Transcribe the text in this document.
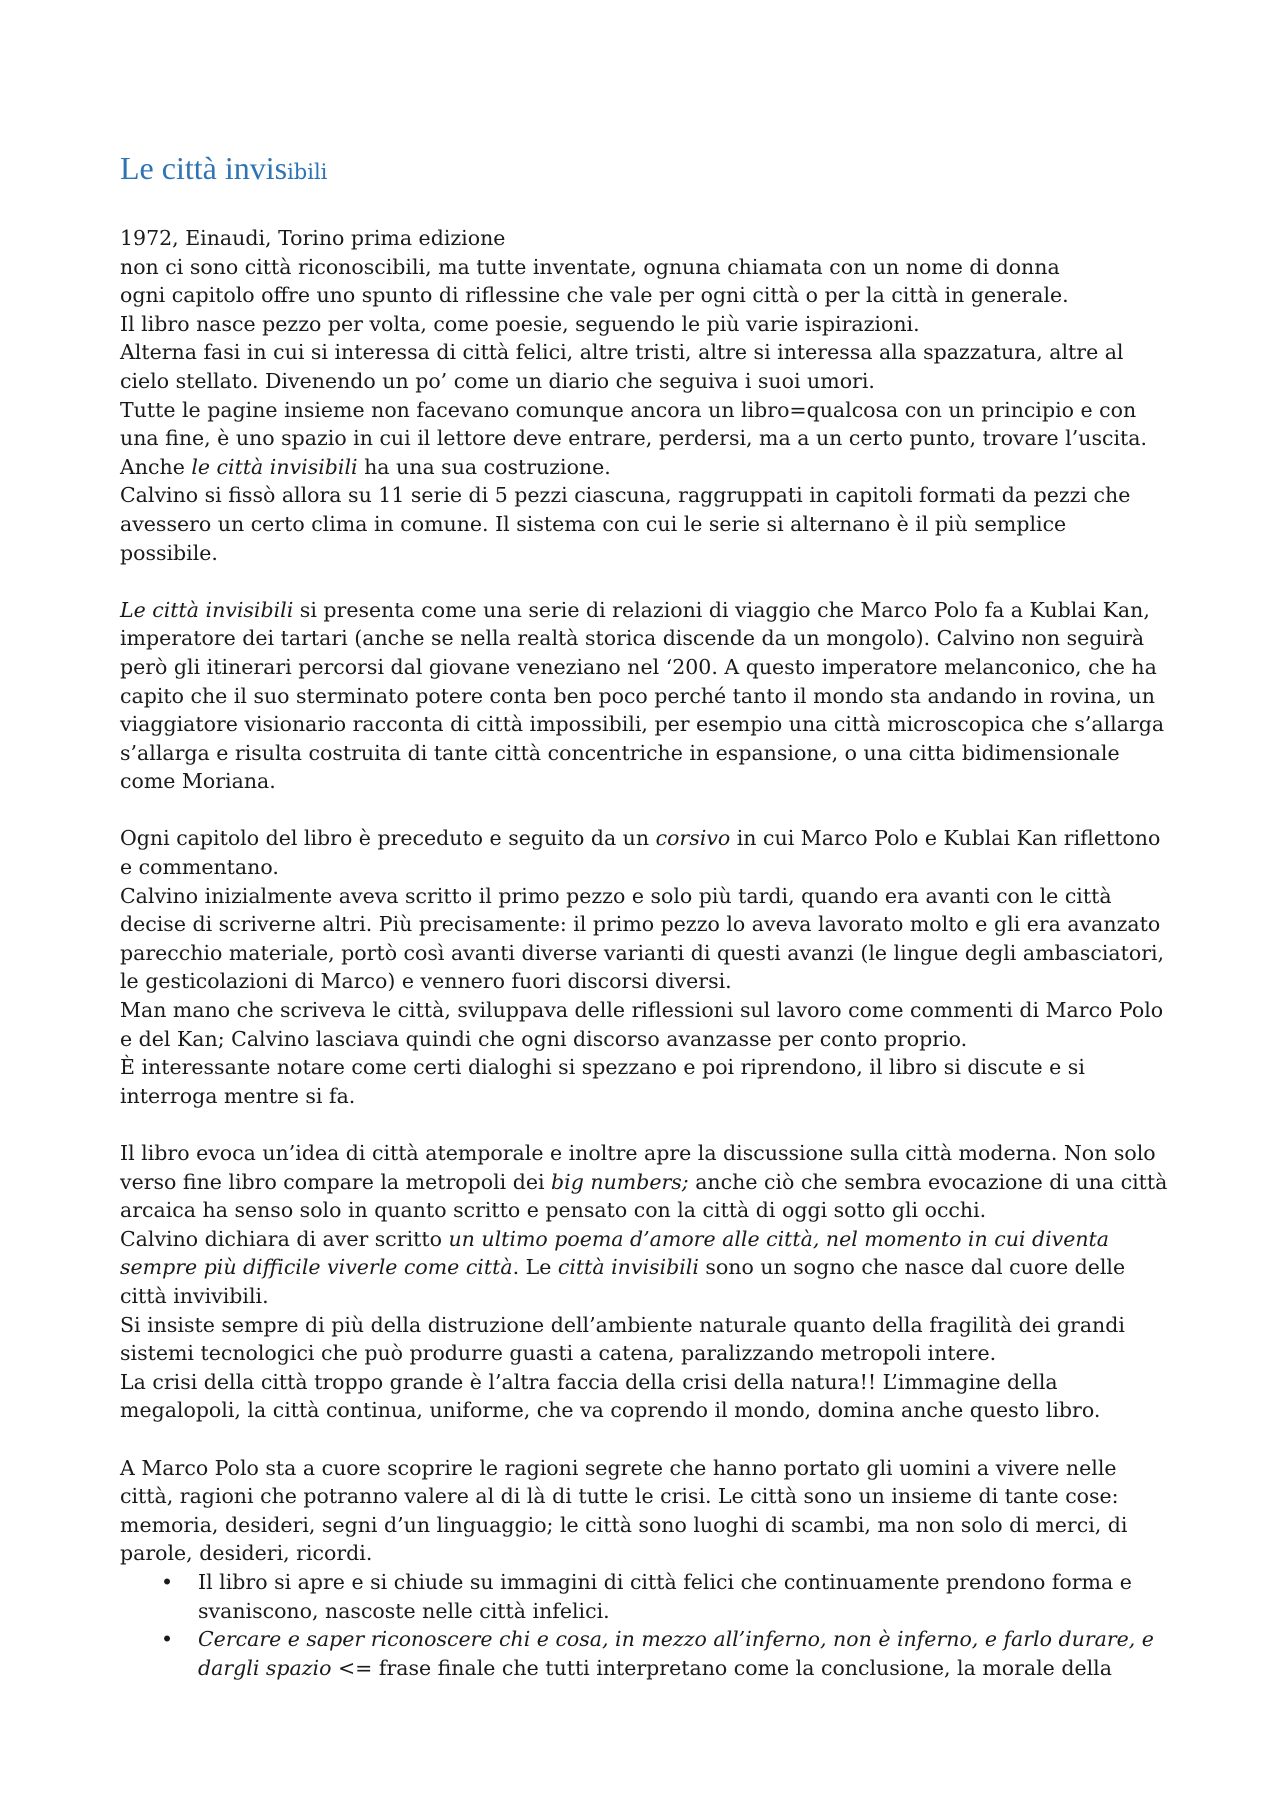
Le città invisibili

1972, Einaudi, Torino prima edizione

non ci sono città riconoscibili, ma tutte inventate, ognuna chiamata con un nome di donna

ogni capitolo offre uno spunto di riflessine che vale per ogni città o per la città in generale.

Il libro nasce pezzo per volta, come poesie, seguendo le più varie ispirazioni.

Alterna fasi in cui si interessa di città felici, altre tristi, altre si interessa alla spazzatura, altre al cielo stellato. Divenendo un po’ come un diario che seguiva i suoi umori.

Tutte le pagine insieme non facevano comunque ancora un libro=qualcosa con un principio e con una fine, è uno spazio in cui il lettore deve entrare, perdersi, ma a un certo punto, trovare l’uscita.

Anche le città invisibili ha una sua costruzione.

Calvino si fissò allora su 11 serie di 5 pezzi ciascuna, raggruppati in capitoli formati da pezzi che avessero un certo clima in comune. Il sistema con cui le serie si alternano è il più semplice possibile.

Le città invisibili si presenta come una serie di relazioni di viaggio che Marco Polo fa a Kublai Kan, imperatore dei tartari (anche se nella realtà storica discende da un mongolo). Calvino non seguirà però gli itinerari percorsi dal giovane veneziano nel ‘200. A questo imperatore melanconico, che ha capito che il suo sterminato potere conta ben poco perché tanto il mondo sta andando in rovina, un viaggiatore visionario racconta di città impossibili, per esempio una città microscopica che s’allarga s’allarga e risulta costruita di tante città concentriche in espansione, o una citta bidimensionale come Moriana.

Ogni capitolo del libro è preceduto e seguito da un corsivo in cui Marco Polo e Kublai Kan riflettono e commentano.

Calvino inizialmente aveva scritto il primo pezzo e solo più tardi, quando era avanti con le città decise di scriverne altri. Più precisamente: il primo pezzo lo aveva lavorato molto e gli era avanzato parecchio materiale, portò così avanti diverse varianti di questi avanzi (le lingue degli ambasciatori, le gesticolazioni di Marco) e vennero fuori discorsi diversi.

Man mano che scriveva le città, sviluppava delle riflessioni sul lavoro come commenti di Marco Polo e del Kan; Calvino lasciava quindi che ogni discorso avanzasse per conto proprio.

È interessante notare come certi dialoghi si spezzano e poi riprendono, il libro si discute e si interroga mentre si fa.

Il libro evoca un’idea di città atemporale e inoltre apre la discussione sulla città moderna. Non solo verso fine libro compare la metropoli dei big numbers; anche ciò che sembra evocazione di una città arcaica ha senso solo in quanto scritto e pensato con la città di oggi sotto gli occhi.

Calvino dichiara di aver scritto un ultimo poema d’amore alle città, nel momento in cui diventa sempre più difficile viverle come città. Le città invisibili sono un sogno che nasce dal cuore delle città invivibili.

Si insiste sempre di più della distruzione dell’ambiente naturale quanto della fragilità dei grandi sistemi tecnologici che può produrre guasti a catena, paralizzando metropoli intere.

La crisi della città troppo grande è l’altra faccia della crisi della natura!! L’immagine della megalopoli, la città continua, uniforme, che va coprendo il mondo, domina anche questo libro.

A Marco Polo sta a cuore scoprire le ragioni segrete che hanno portato gli uomini a vivere nelle città, ragioni che potranno valere al di là di tutte le crisi. Le città sono un insieme di tante cose: memoria, desideri, segni d’un linguaggio; le città sono luoghi di scambi, ma non solo di merci, di parole, desideri, ricordi.

• Il libro si apre e si chiude su immagini di città felici che continuamente prendono forma e svaniscono, nascoste nelle città infelici.
• Cercare e saper riconoscere chi e cosa, in mezzo all’inferno, non è inferno, e farlo durare, e dargli spazio <= frase finale che tutti interpretano come la conclusione, la morale della
